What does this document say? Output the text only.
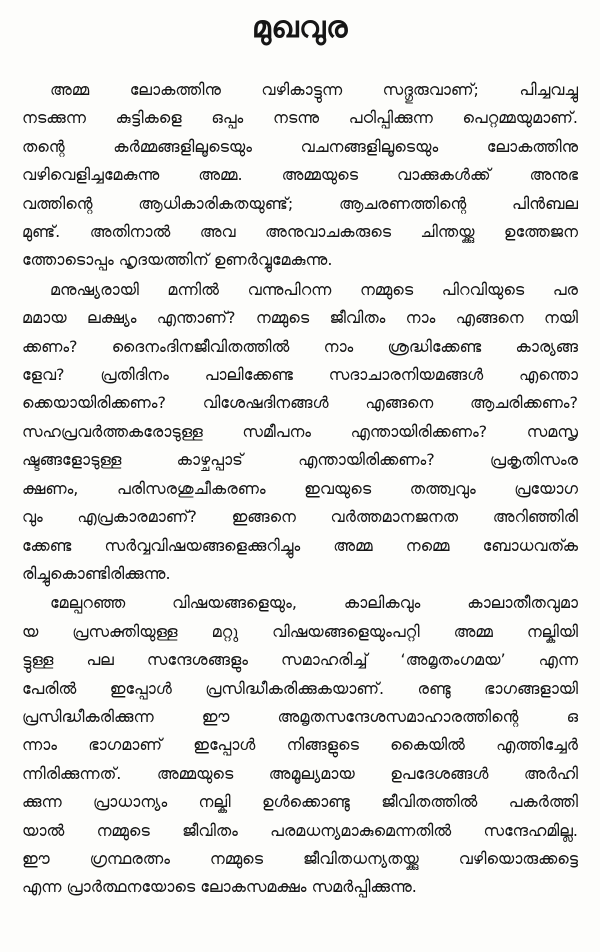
മുഖവുര
അമ്മ ലോകത്തിനു വഴികാട്ടുന്ന സദ്ഗുരുവാണ്; പിച്ചവച്ചു
നടക്കുന്ന കുട്ടികളെ ഒപ്പം നടന്നു പഠിപ്പിക്കുന്ന പെറ്റമ്മയുമാണ്.
തന്റെ കർമ്മങ്ങളിലൂടെയും വചനങ്ങളിലൂടെയും ലോകത്തിനു
വഴിവെളിച്ചമേകുന്നു അമ്മ. അമ്മയുടെ വാക്കുകൾക്ക് അനുഭ
വത്തിന്റെ ആധികാരികതയുണ്ട്; ആചരണത്തിന്റെ പിൻബല
മുണ്ട്. അതിനാൽ അവ അനുവാചകരുടെ ചിന്തയ്ക്കു ഉത്തേജന
ത്തോടൊപ്പം ഹൃദയത്തിന് ഉണർവ്വുമേകുന്നു.
മനുഷ്യരായി മന്നിൽ വന്നുപിറന്ന നമ്മുടെ പിറവിയുടെ പര
മമായ ലക്ഷ്യം എന്താണ്? നമ്മുടെ ജീവിതം നാം എങ്ങനെ നയി
ക്കണം? ദൈനംദിനജീവിതത്തിൽ നാം ശ്രദ്ധിക്കേണ്ട കാര്യങ്ങ
ളേവ? പ്രതിദിനം പാലിക്കേണ്ട സദാചാരനിയമങ്ങൾ എന്തൊ
ക്കെയായിരിക്കണം? വിശേഷദിനങ്ങൾ എങ്ങനെ ആചരിക്കണം?
സഹപ്രവർത്തകരോടുള്ള സമീപനം എന്തായിരിക്കണം? സമസൃ
ഷ്ടങ്ങളോടുള്ള കാഴ്ചപ്പാട് എന്തായിരിക്കണം? പ്രകൃതിസംര
ക്ഷണം, പരിസരശുചീകരണം ഇവയുടെ തത്ത്വവും പ്രയോഗ
വും എപ്രകാരമാണ്? ഇങ്ങനെ വർത്തമാനജനത അറിഞ്ഞിരി
ക്കേണ്ട സർവ്വവിഷയങ്ങളെക്കുറിച്ചും അമ്മ നമ്മെ ബോധവത്ക
രിച്ചുകൊണ്ടിരിക്കുന്നു.
മേല്പറഞ്ഞ വിഷയങ്ങളെയും, കാലികവും കാലാതീതവുമാ
യ പ്രസക്തിയുള്ള മറ്റു വിഷയങ്ങളെയുംപറ്റി അമ്മ നല്കിയി
ട്ടുള്ള പല സന്ദേശങ്ങളും സമാഹരിച്ച് ‘അമൃതംഗമയ’ എന്ന
പേരിൽ ഇപ്പോൾ പ്രസിദ്ധീകരിക്കുകയാണ്. രണ്ടു ഭാഗങ്ങളായി
പ്രസിദ്ധീകരിക്കുന്ന ഈ അമൃതസന്ദേശസമാഹാരത്തിന്റെ ഒ
ന്നാം ഭാഗമാണ് ഇപ്പോൾ നിങ്ങളുടെ കൈയിൽ എത്തിച്ചേർ
ന്നിരിക്കുന്നത്. അമ്മയുടെ അമൂല്യമായ ഉപദേശങ്ങൾ അർഹി
ക്കുന്ന പ്രാധാന്യം നല്കി ഉൾക്കൊണ്ടു ജീവിതത്തിൽ പകർത്തി
യാൽ നമ്മുടെ ജീവിതം പരമധന്യമാകുമെന്നതിൽ സന്ദേഹമില്ല.
ഈ ഗ്രന്ഥരത്നം നമ്മുടെ ജീവിതധന്യതയ്ക്കു വഴിയൊരുക്കട്ടെ
എന്ന പ്രാർത്ഥനയോടെ ലോകസമക്ഷം സമർപ്പിക്കുന്നു.
